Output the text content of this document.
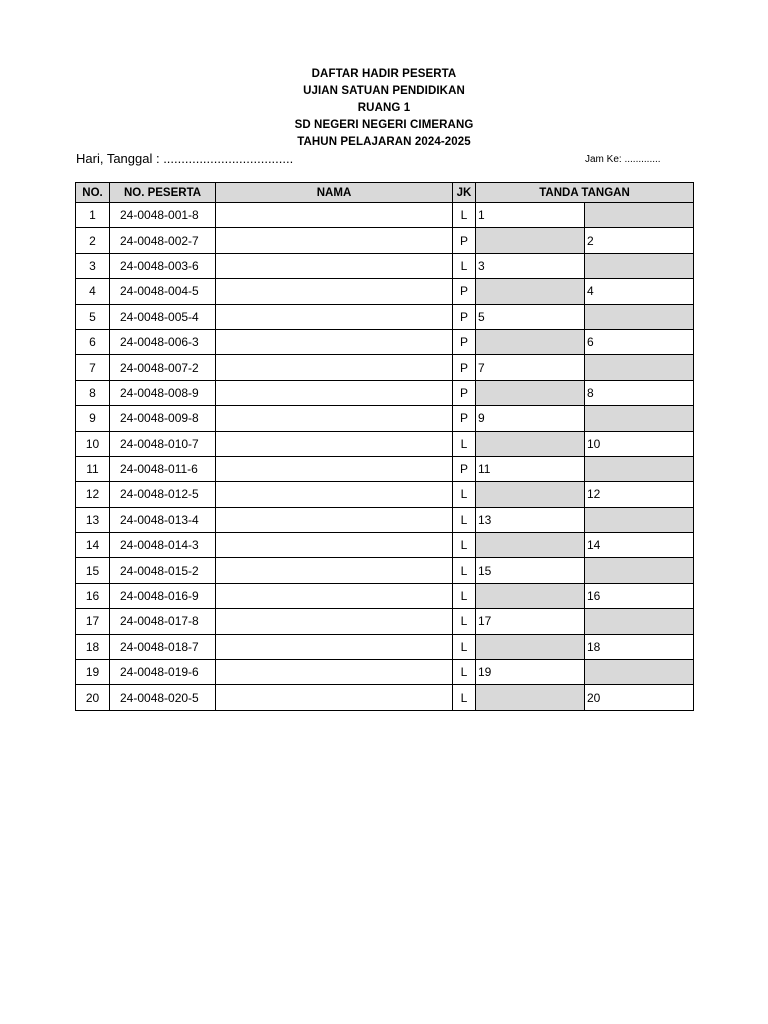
DAFTAR HADIR PESERTA
UJIAN SATUAN PENDIDIKAN
RUANG 1
SD NEGERI NEGERI CIMERANG
TAHUN PELAJARAN 2024-2025
Hari, Tanggal : ....................................	Jam Ke: .............
NO.	NO. PESERTA	NAMA	JK	TANDA TANGAN	
1	24-0048-001-8		L	1	
2	24-0048-002-7		P		2
3	24-0048-003-6		L	3	
4	24-0048-004-5		P		4
5	24-0048-005-4		P	5	
6	24-0048-006-3		P		6
7	24-0048-007-2		P	7	
8	24-0048-008-9		P		8
9	24-0048-009-8		P	9	
10	24-0048-010-7		L		10
11	24-0048-011-6		P	11	
12	24-0048-012-5		L		12
13	24-0048-013-4		L	13	
14	24-0048-014-3		L		14
15	24-0048-015-2		L	15	
16	24-0048-016-9		L		16
17	24-0048-017-8		L	17	
18	24-0048-018-7		L		18
19	24-0048-019-6		L	19	
20	24-0048-020-5		L		20
